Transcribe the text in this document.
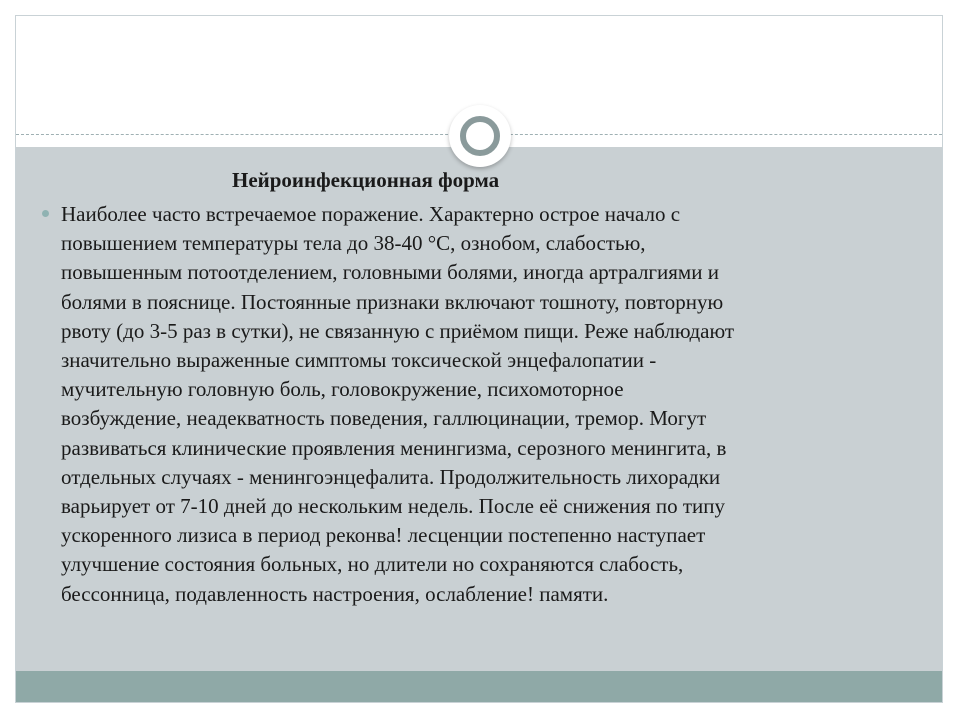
Нейроинфекционная форма

Наиболее часто встречаемое поражение. Характерно острое начало с
повышением температуры тела до 38-40 °С, ознобом, слабостью,
повышенным потоотделением, головными болями, иногда артралгиями и
болями в пояснице. Постоянные признаки включают тошноту, повторную
рвоту (до 3-5 раз в сутки), не связанную с приёмом пищи. Реже наблюдают
значительно выраженные симптомы токсической энцефалопатии -
мучительную головную боль, головокружение, психомоторное
возбуждение, неадекватность поведения, галлюцинации, тремор. Могут
развиваться клинические проявления менингизма, серозного менингита, в
отдельных случаях - менингоэнцефалита. Продолжительность лихорадки
варьирует от 7-10 дней до нескольким недель. После её снижения по типу
ускоренного лизиса в период реконва! лесценции постепенно наступает
улучшение состояния больных, но длители но сохраняются слабость,
бессонница, подавленность настроения, ослабление! памяти.
